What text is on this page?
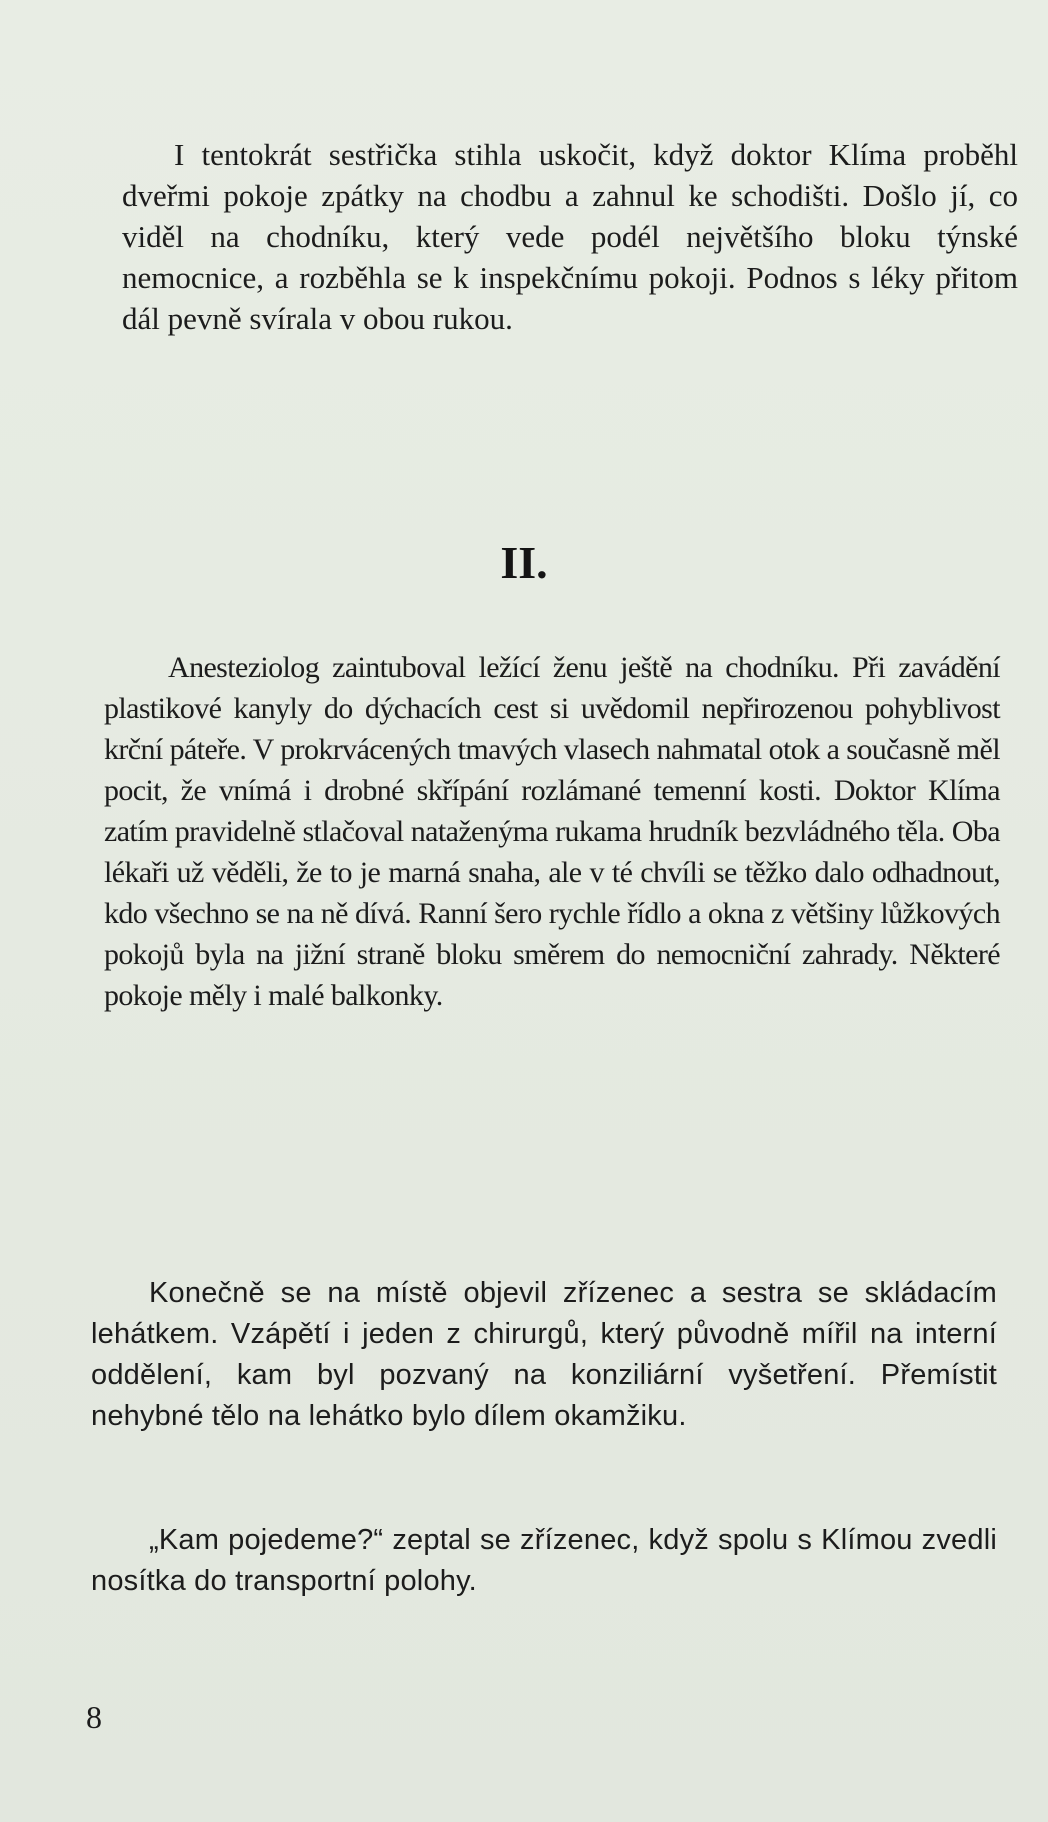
I tentokrát sestřička stihla uskočit, když doktor Klíma proběhl dveřmi pokoje zpátky na chodbu a zahnul ke schodišti. Došlo jí, co viděl na chodníku, který vede podél největšího bloku týnské nemocnice, a rozběhla se k inspekčnímu pokoji. Podnos s léky přitom dál pevně svírala v obou rukou.

II.

Anesteziolog zaintuboval ležící ženu ještě na chodníku. Při zavádění plastikové kanyly do dýchacích cest si uvědomil nepřirozenou pohyblivost krční páteře. V prokrvácených tmavých vlasech nahmatal otok a současně měl pocit, že vnímá i drobné skřípání rozlámané temenní kosti. Doktor Klíma zatím pravidelně stlačoval nataženýma rukama hrudník bezvládného těla. Oba lékaři už věděli, že to je marná snaha, ale v té chvíli se těžko dalo odhadnout, kdo všechno se na ně dívá. Ranní šero rychle řídlo a okna z většiny lůžkových pokojů byla na jižní straně bloku směrem do nemocniční zahrady. Některé pokoje měly i malé balkonky.

Konečně se na místě objevil zřízenec a sestra se skládacím lehátkem. Vzápětí i jeden z chirurgů, který původně mířil na interní oddělení, kam byl pozvaný na konziliární vyšetření. Přemístit nehybné tělo na lehátko bylo dílem okamžiku.

„Kam pojedeme?“ zeptal se zřízenec, když spolu s Klímou zvedli nosítka do transportní polohy.

8
